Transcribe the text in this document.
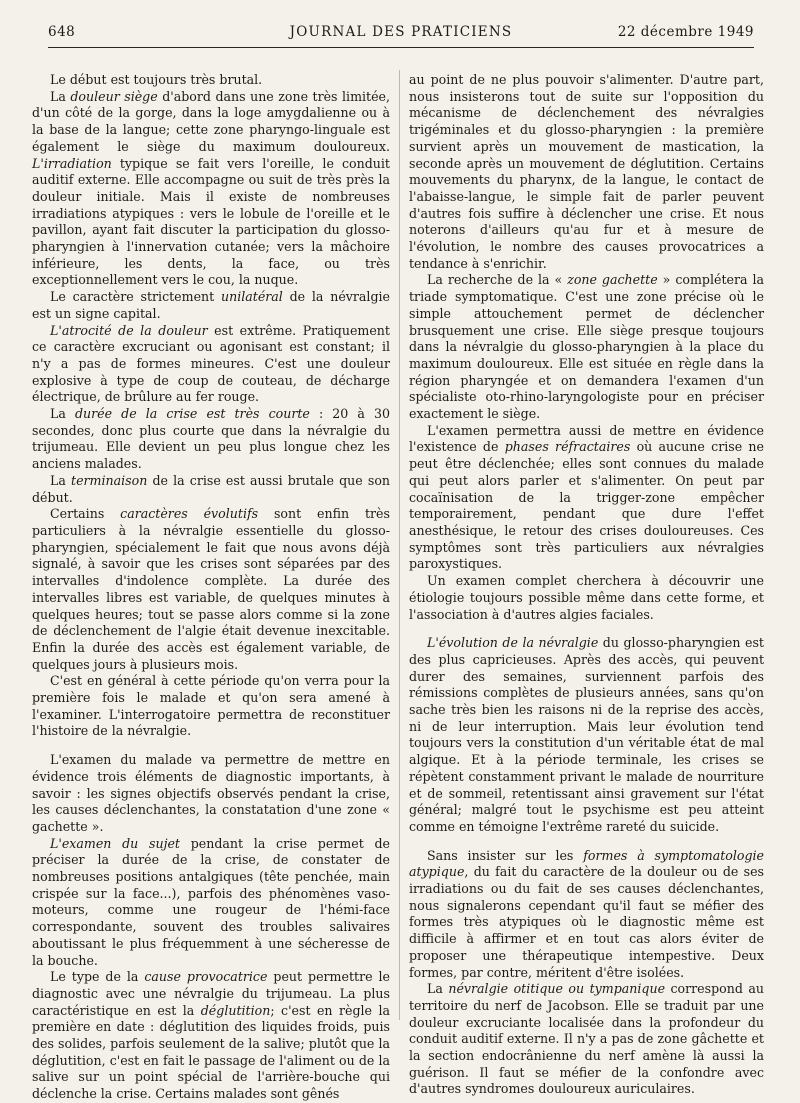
648	JOURNAL DES PRATICIENS	22 décembre 1949

Le début est toujours très brutal.

La douleur siège d'abord dans une zone très limitée, d'un côté de la gorge, dans la loge amygdalienne ou à la base de la langue; cette zone pharyngo-linguale est également le siège du maximum douloureux. L'irradiation typique se fait vers l'oreille, le conduit auditif externe. Elle accompagne ou suit de très près la douleur initiale. Mais il existe de nombreuses irradiations atypiques : vers le lobule de l'oreille et le pavillon, ayant fait discuter la participation du glosso-pharyngien à l'innervation cutanée; vers la mâchoire inférieure, les dents, la face, ou très exceptionnellement vers le cou, la nuque.

Le caractère strictement unilatéral de la névralgie est un signe capital.

L'atrocité de la douleur est extrême. Pratiquement ce caractère excruciant ou agonisant est constant; il n'y a pas de formes mineures. C'est une douleur explosive à type de coup de couteau, de décharge électrique, de brûlure au fer rouge.

La durée de la crise est très courte : 20 à 30 secondes, donc plus courte que dans la névralgie du trijumeau. Elle devient un peu plus longue chez les anciens malades.

La terminaison de la crise est aussi brutale que son début.

Certains caractères évolutifs sont enfin très particuliers à la névralgie essentielle du glosso-pharyngien, spécialement le fait que nous avons déjà signalé, à savoir que les crises sont séparées par des intervalles d'indolence complète. La durée des intervalles libres est variable, de quelques minutes à quelques heures; tout se passe alors comme si la zone de déclenchement de l'algie était devenue inexcitable. Enfin la durée des accès est également variable, de quelques jours à plusieurs mois.

C'est en général à cette période qu'on verra pour la première fois le malade et qu'on sera amené à l'examiner. L'interrogatoire permettra de reconstituer l'histoire de la névralgie.

L'examen du malade va permettre de mettre en évidence trois éléments de diagnostic importants, à savoir : les signes objectifs observés pendant la crise, les causes déclenchantes, la constatation d'une zone « gachette ».

L'examen du sujet pendant la crise permet de préciser la durée de la crise, de constater de nombreuses positions antalgiques (tête penchée, main crispée sur la face...), parfois des phénomènes vaso-moteurs, comme une rougeur de l'hémi-face correspondante, souvent des troubles salivaires aboutissant le plus fréquemment à une sécheresse de la bouche.

Le type de la cause provocatrice peut permettre le diagnostic avec une névralgie du trijumeau. La plus caractéristique en est la déglutition; c'est en règle la première en date : déglutition des liquides froids, puis des solides, parfois seulement de la salive; plutôt que la déglutition, c'est en fait le passage de l'aliment ou de la salive sur un point spécial de l'arrière-bouche qui déclenche la crise. Certains malades sont gênés

au point de ne plus pouvoir s'alimenter. D'autre part, nous insisterons tout de suite sur l'opposition du mécanisme de déclenchement des névralgies trigéminales et du glosso-pharyngien : la première survient après un mouvement de mastication, la seconde après un mouvement de déglutition. Certains mouvements du pharynx, de la langue, le contact de l'abaisse-langue, le simple fait de parler peuvent d'autres fois suffire à déclencher une crise. Et nous noterons d'ailleurs qu'au fur et à mesure de l'évolution, le nombre des causes provocatrices a tendance à s'enrichir.

La recherche de la « zone gachette » complétera la triade symptomatique. C'est une zone précise où le simple attouchement permet de déclencher brusquement une crise. Elle siège presque toujours dans la névralgie du glosso-pharyngien à la place du maximum douloureux. Elle est située en règle dans la région pharyngée et on demandera l'examen d'un spécialiste oto-rhino-laryngologiste pour en préciser exactement le siège.

L'examen permettra aussi de mettre en évidence l'existence de phases réfractaires où aucune crise ne peut être déclenchée; elles sont connues du malade qui peut alors parler et s'alimenter. On peut par cocaïnisation de la trigger-zone empêcher temporairement, pendant que dure l'effet anesthésique, le retour des crises douloureuses. Ces symptômes sont très particuliers aux névralgies paroxystiques.

Un examen complet cherchera à découvrir une étiologie toujours possible même dans cette forme, et l'association à d'autres algies faciales.

L'évolution de la névralgie du glosso-pharyngien est des plus capricieuses. Après des accès, qui peuvent durer des semaines, surviennent parfois des rémissions complètes de plusieurs années, sans qu'on sache très bien les raisons ni de la reprise des accès, ni de leur interruption. Mais leur évolution tend toujours vers la constitution d'un véritable état de mal algique. Et à la période terminale, les crises se répètent constamment privant le malade de nourriture et de sommeil, retentissant ainsi gravement sur l'état général; malgré tout le psychisme est peu atteint comme en témoigne l'extrême rareté du suicide.

Sans insister sur les formes à symptomatologie atypique, du fait du caractère de la douleur ou de ses irradiations ou du fait de ses causes déclenchantes, nous signalerons cependant qu'il faut se méfier des formes très atypiques où le diagnostic même est difficile à affirmer et en tout cas alors éviter de proposer une thérapeutique intempestive. Deux formes, par contre, méritent d'être isolées.

La névralgie otitique ou tympanique correspond au territoire du nerf de Jacobson. Elle se traduit par une douleur excruciante localisée dans la profondeur du conduit auditif externe. Il n'y a pas de zone gâchette et la section endocrânienne du nerf amène là aussi la guérison. Il faut se méfier de la confondre avec d'autres syndromes douloureux auriculaires.
